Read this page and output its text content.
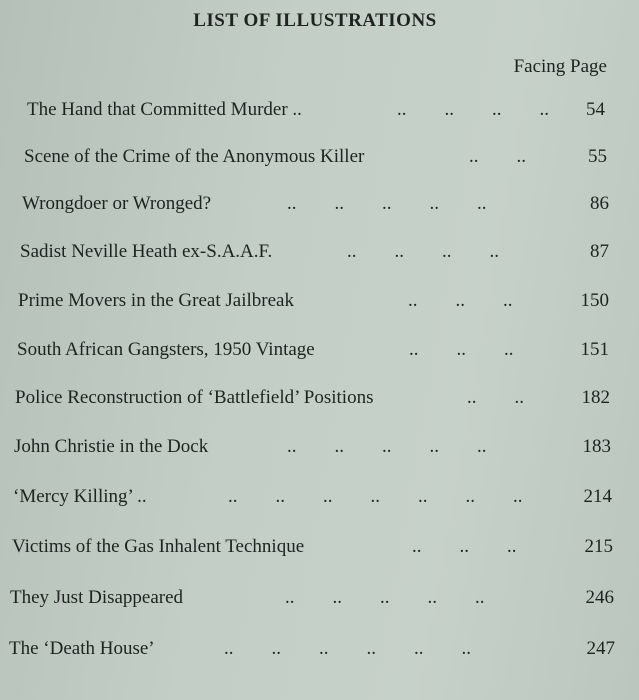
LIST OF ILLUSTRATIONS
Facing Page
The Hand that Committed Murder ..	..        ..        ..        ..	54
Scene of the Crime of the Anonymous Killer	..        ..	55
Wrongdoer or Wronged?	..        ..        ..        ..        ..	86
Sadist Neville Heath ex-S.A.A.F.	..        ..        ..        ..	87
Prime Movers in the Great Jailbreak	..        ..        ..	150
South African Gangsters, 1950 Vintage	..        ..        ..	151
Police Reconstruction of ‘Battlefield’ Positions	..        ..	182
John Christie in the Dock	..        ..        ..        ..        ..	183
‘Mercy Killing’ ..	..        ..        ..        ..        ..        ..        ..	214
Victims of the Gas Inhalent Technique	..        ..        ..	215
They Just Disappeared	..        ..        ..        ..        ..	246
The ‘Death House’	..        ..        ..        ..        ..        ..	247
